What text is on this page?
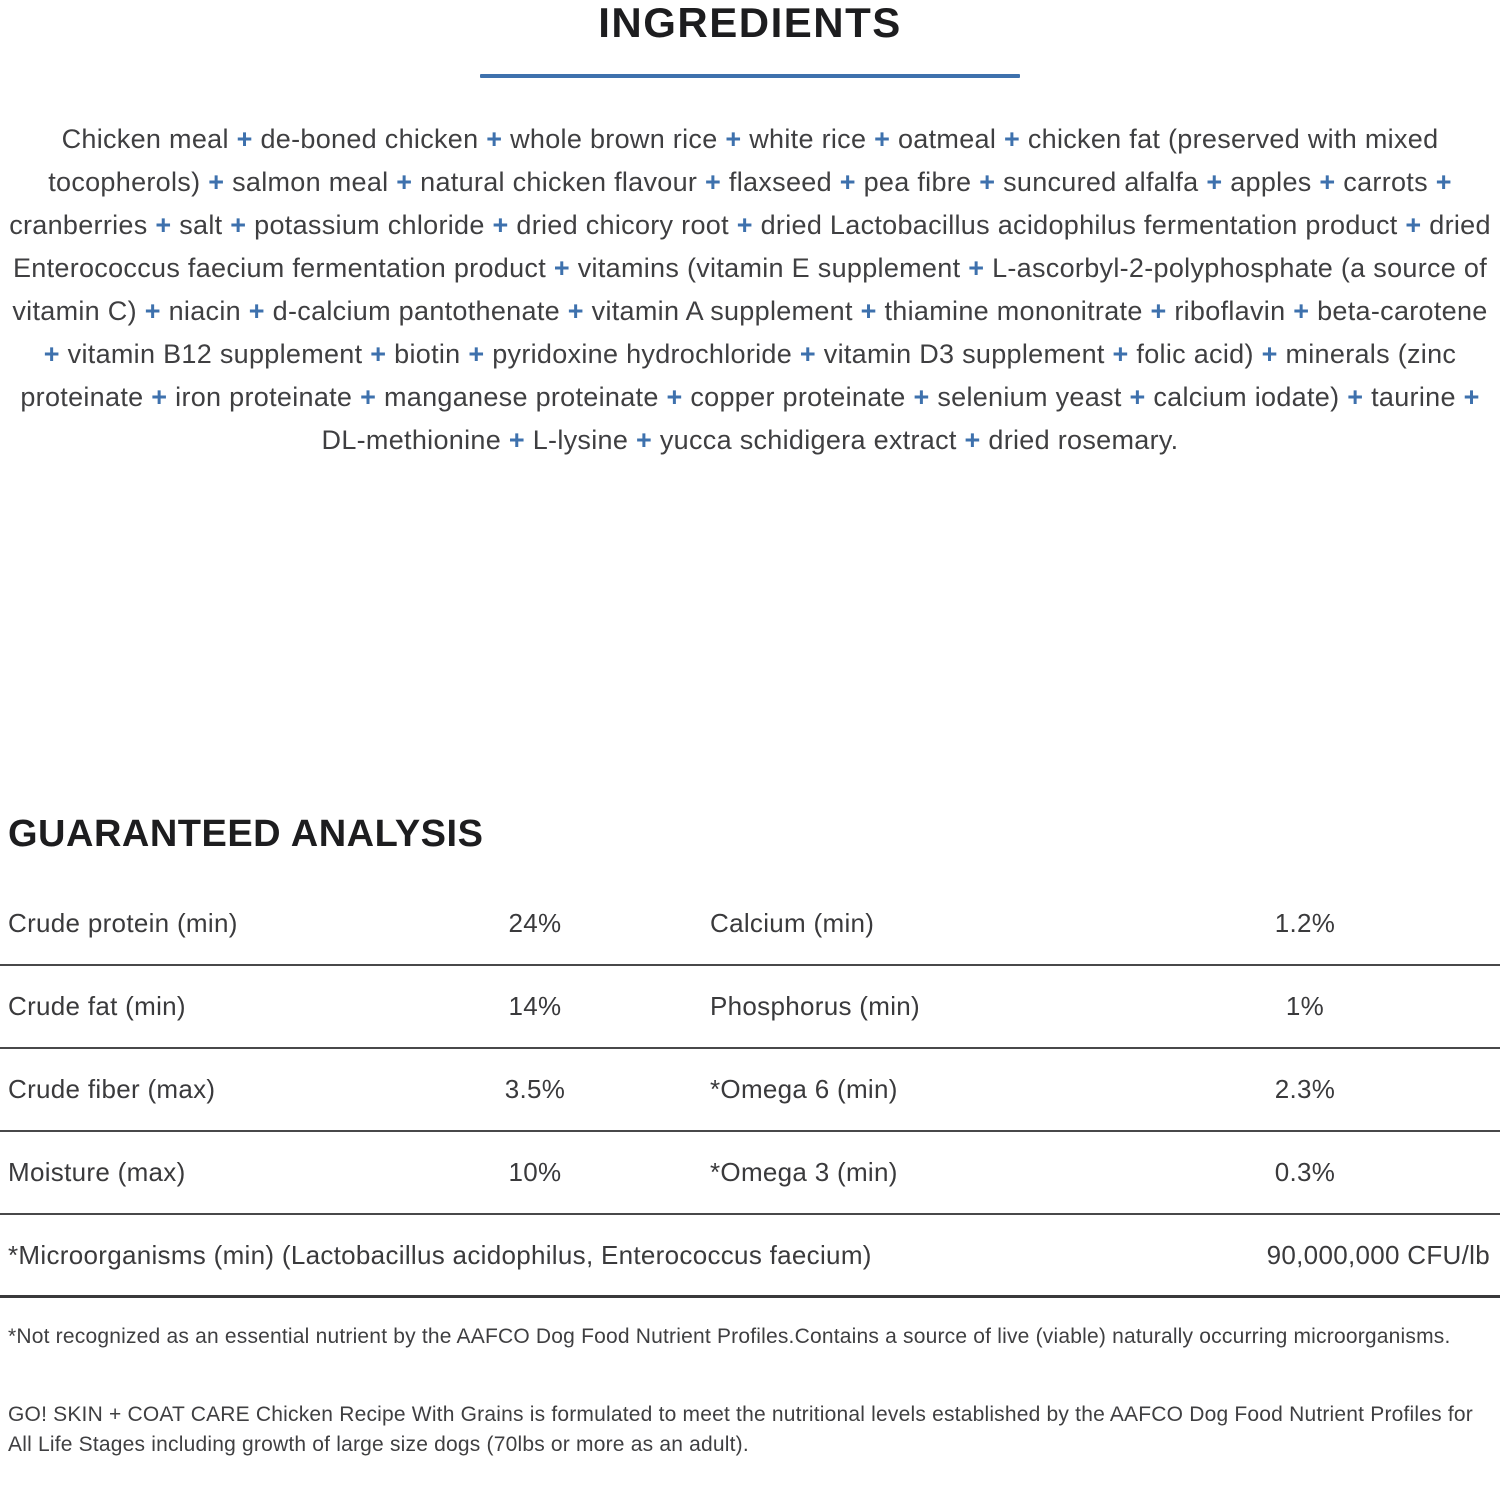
INGREDIENTS

Chicken meal + de-boned chicken + whole brown rice + white rice + oatmeal + chicken fat (preserved with mixed tocopherols) + salmon meal + natural chicken flavour + flaxseed + pea fibre + suncured alfalfa + apples + carrots + cranberries + salt + potassium chloride + dried chicory root + dried Lactobacillus acidophilus fermentation product + dried Enterococcus faecium fermentation product + vitamins (vitamin E supplement + L-ascorbyl-2-polyphosphate (a source of vitamin C) + niacin + d-calcium pantothenate + vitamin A supplement + thiamine mononitrate + riboflavin + beta-carotene + vitamin B12 supplement + biotin + pyridoxine hydrochloride + vitamin D3 supplement + folic acid) + minerals (zinc proteinate + iron proteinate + manganese proteinate + copper proteinate + selenium yeast + calcium iodate) + taurine + DL-methionine + L-lysine + yucca schidigera extract + dried rosemary.

GUARANTEED ANALYSIS
Crude protein (min)	24%	Calcium (min)	1.2%
Crude fat (min)	14%	Phosphorus (min)	1%
Crude fiber (max)	3.5%	*Omega 6 (min)	2.3%
Moisture (max)	10%	*Omega 3 (min)	0.3%
*Microorganisms (min) (Lactobacillus acidophilus, Enterococcus faecium)	90,000,000 CFU/lb

*Not recognized as an essential nutrient by the AAFCO Dog Food Nutrient Profiles.Contains a source of live (viable) naturally occurring microorganisms.

GO! SKIN + COAT CARE Chicken Recipe With Grains is formulated to meet the nutritional levels established by the AAFCO Dog Food Nutrient Profiles for All Life Stages including growth of large size dogs (70lbs or more as an adult).
